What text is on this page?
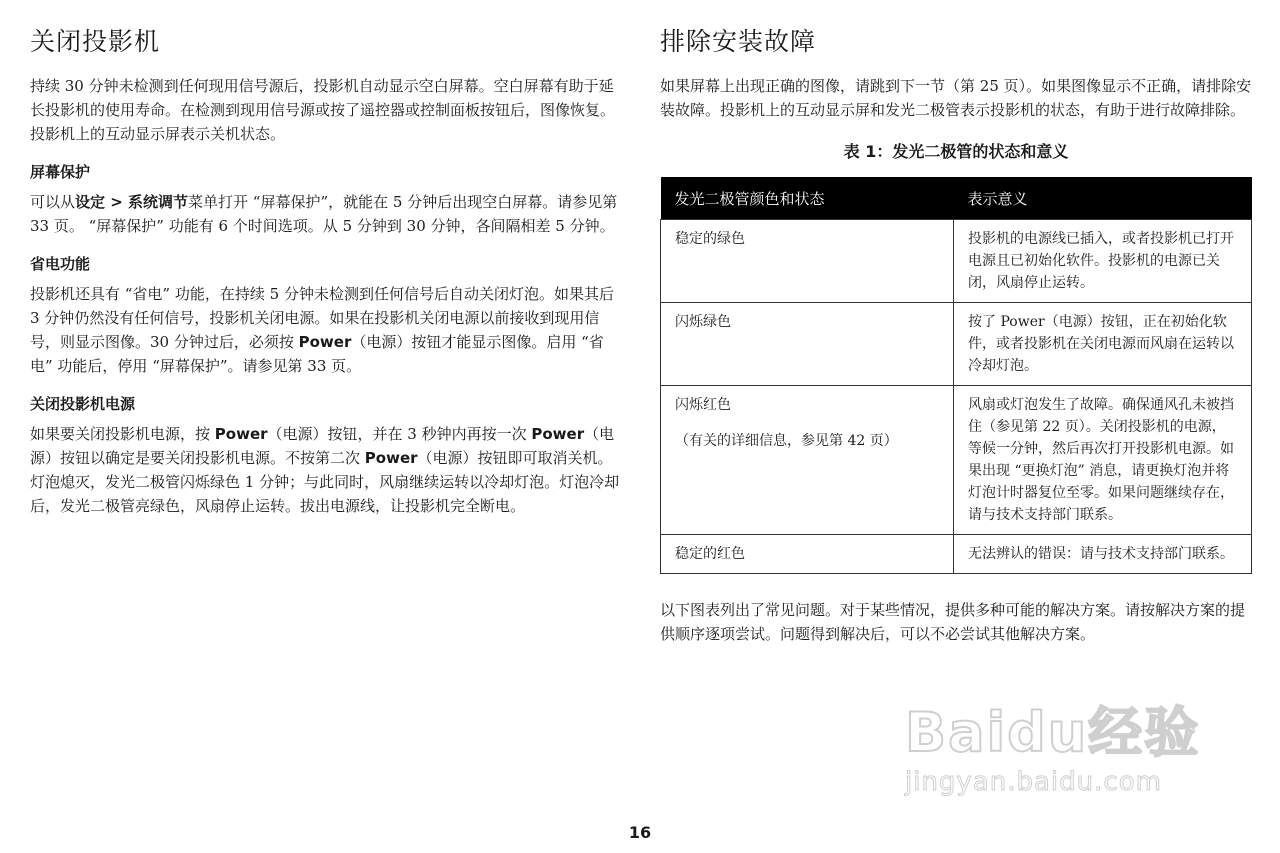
关闭投影机

持续 30 分钟未检测到任何现用信号源后，投影机自动显示空白屏幕。空白屏幕有助于延长投影机的使用寿命。在检测到现用信号源或按了遥控器或控制面板按钮后，图像恢复。投影机上的互动显示屏表示关机状态。

屏幕保护

可以从设定 > 系统调节菜单打开 “屏幕保护”，就能在 5 分钟后出现空白屏幕。请参见第 33 页。 “屏幕保护” 功能有 6 个时间选项。从 5 分钟到 30 分钟，各间隔相差 5 分钟。

省电功能

投影机还具有 “省电” 功能，在持续 5 分钟未检测到任何信号后自动关闭灯泡。如果其后 3 分钟仍然没有任何信号，投影机关闭电源。如果在投影机关闭电源以前接收到现用信号，则显示图像。30 分钟过后，必须按 Power（电源）按钮才能显示图像。启用 “省电” 功能后，停用 “屏幕保护”。请参见第 33 页。

关闭投影机电源

如果要关闭投影机电源，按 Power（电源）按钮，并在 3 秒钟内再按一次 Power（电源）按钮以确定是要关闭投影机电源。不按第二次 Power（电源）按钮即可取消关机。灯泡熄灭，发光二极管闪烁绿色 1 分钟；与此同时，风扇继续运转以冷却灯泡。灯泡冷却后，发光二极管亮绿色，风扇停止运转。拔出电源线，让投影机完全断电。

排除安装故障

如果屏幕上出现正确的图像，请跳到下一节（第 25 页）。如果图像显示不正确，请排除安装故障。投影机上的互动显示屏和发光二极管表示投影机的状态，有助于进行故障排除。

表 1：发光二极管的状态和意义
发光二极管颜色和状态	表示意义
稳定的绿色	投影机的电源线已插入，或者投影机已打开电源且已初始化软件。投影机的电源已关闭，风扇停止运转。
闪烁绿色	按了 Power（电源）按钮，正在初始化软件，或者投影机在关闭电源而风扇在运转以冷却灯泡。

闪烁红色
（有关的详细信息，参见第 42 页）	风扇或灯泡发生了故障。确保通风孔未被挡住（参见第 22 页）。关闭投影机的电源，等候一分钟，然后再次打开投影机电源。如果出现 “更换灯泡” 消息，请更换灯泡并将灯泡计时器复位至零。如果问题继续存在，请与技术支持部门联系。
稳定的红色	无法辨认的错误：请与技术支持部门联系。

以下图表列出了常见问题。对于某些情况，提供多种可能的解决方案。请按解决方案的提供顺序逐项尝试。问题得到解决后，可以不必尝试其他解决方案。

Baidu经验
jingyan.baidu.com
16
